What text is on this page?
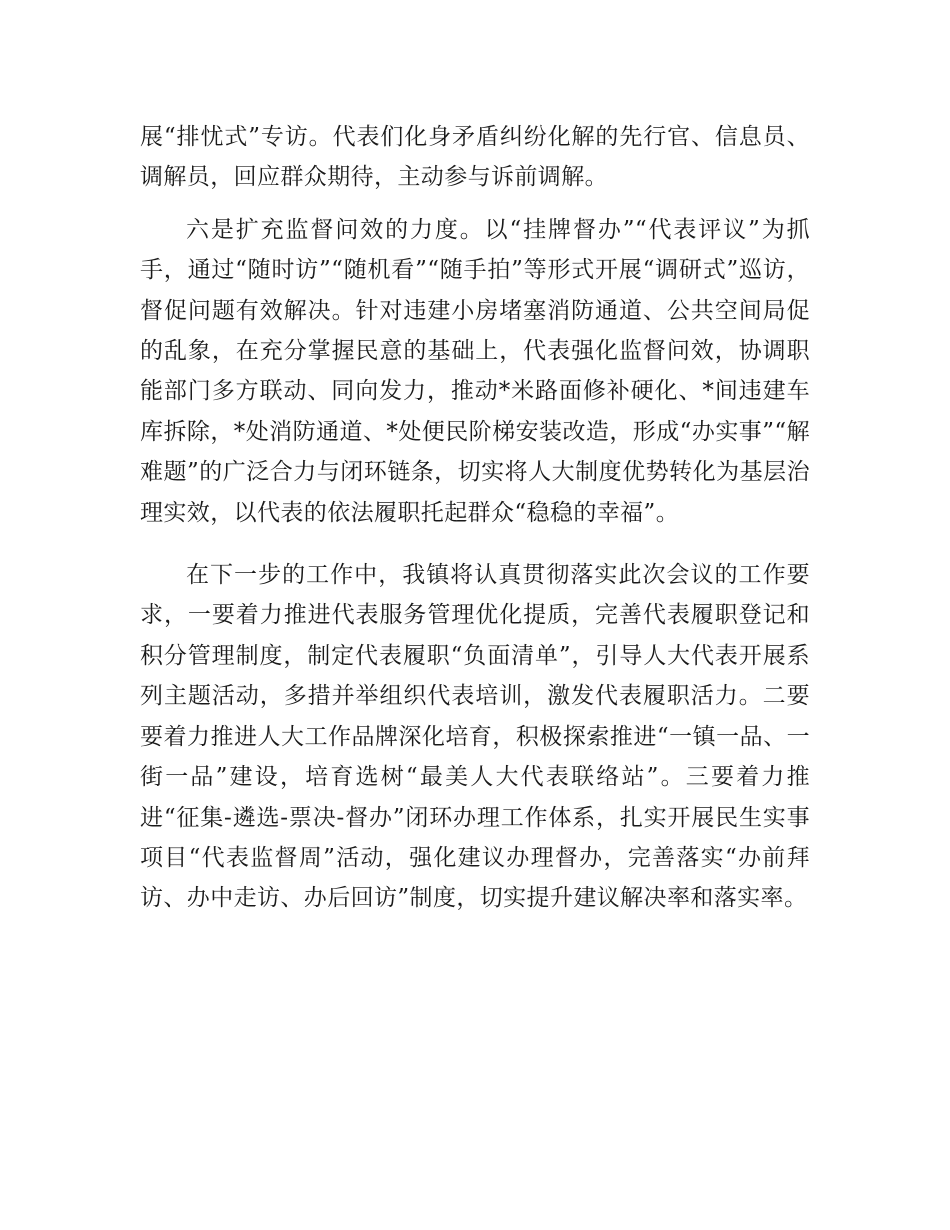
展“排忧式”专访。代表们化身矛盾纠纷化解的先行官、信息员、调解员，回应群众期待，主动参与诉前调解。

六是扩充监督问效的力度。以“挂牌督办”“代表评议”为抓手，通过“随时访”“随机看”“随手拍”等形式开展“调研式”巡访，督促问题有效解决。针对违建小房堵塞消防通道、公共空间局促的乱象，在充分掌握民意的基础上，代表强化监督问效，协调职能部门多方联动、同向发力，推动*米路面修补硬化、*间违建车库拆除，*处消防通道、*处便民阶梯安装改造，形成“办实事”“解难题”的广泛合力与闭环链条，切实将人大制度优势转化为基层治理实效，以代表的依法履职托起群众“稳稳的幸福”。

在下一步的工作中，我镇将认真贯彻落实此次会议的工作要求，一要着力推进代表服务管理优化提质，完善代表履职登记和积分管理制度，制定代表履职“负面清单”，引导人大代表开展系列主题活动，多措并举组织代表培训，激发代表履职活力。二要要着力推进人大工作品牌深化培育，积极探索推进“一镇一品、一街一品”建设，培育选树“最美人大代表联络站”。三要着力推进“征集-遴选-票决-督办”闭环办理工作体系，扎实开展民生实事项目“代表监督周”活动，强化建议办理督办，完善落实“办前拜访、办中走访、办后回访”制度，切实提升建议解决率和落实率。
